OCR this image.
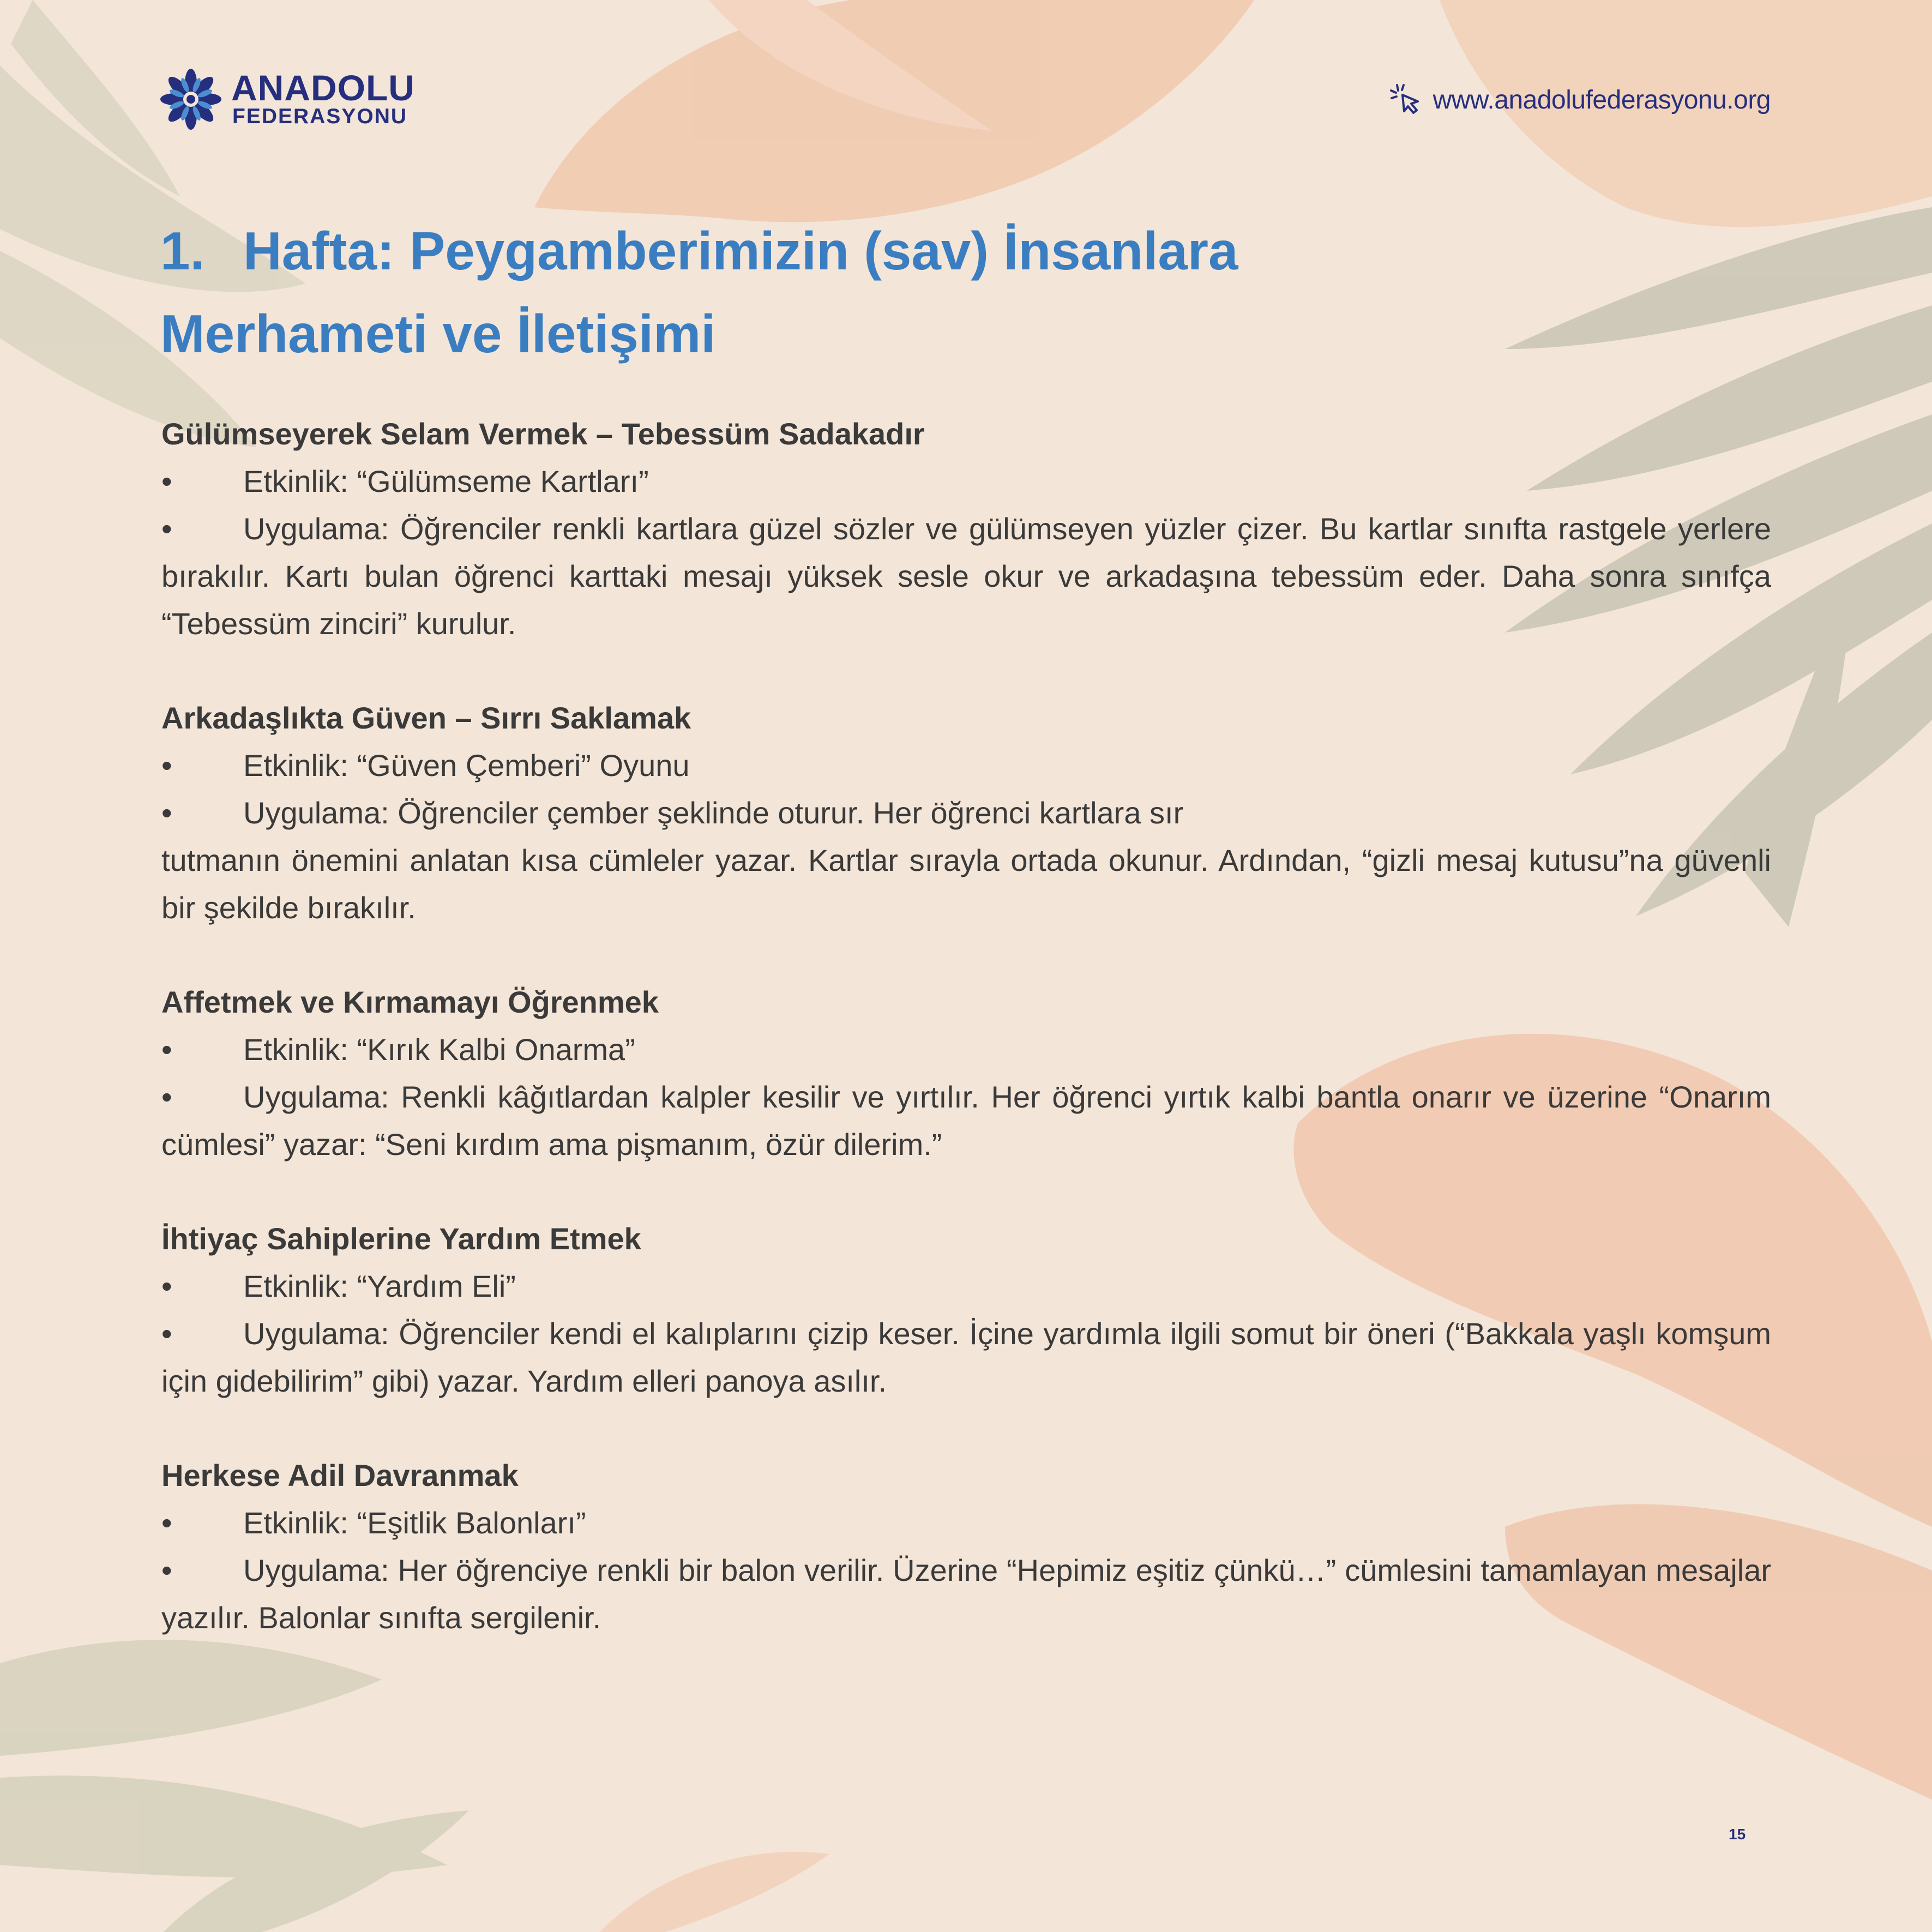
ANADOLU
FEDERASYONU
www.anadolufederasyonu.org
1. Hafta: Peygamberimizin (sav) İnsanlara
Merhameti ve İletişimi
Gülümseyerek Selam Vermek – Tebessüm Sadakadır
• Etkinlik: “Gülümseme Kartları”
• Uygulama: Öğrenciler renkli kartlara güzel sözler ve gülümseyen yüzler çizer. Bu kartlar sınıfta rastgele yerlere bırakılır. Kartı bulan öğrenci karttaki mesajı yüksek sesle okur ve arkadaşına tebessüm eder. Daha sonra sınıfça “Tebessüm zinciri” kurulur.
Arkadaşlıkta Güven – Sırrı Saklamak
• Etkinlik: “Güven Çemberi” Oyunu
• Uygulama: Öğrenciler çember şeklinde oturur. Her öğrenci kartlara sır
tutmanın önemini anlatan kısa cümleler yazar. Kartlar sırayla ortada okunur. Ardından, “gizli mesaj kutusu”na güvenli bir şekilde bırakılır.
Affetmek ve Kırmamayı Öğrenmek
• Etkinlik: “Kırık Kalbi Onarma”
• Uygulama: Renkli kâğıtlardan kalpler kesilir ve yırtılır. Her öğrenci yırtık kalbi bantla onarır ve üzerine “Onarım cümlesi” yazar: “Seni kırdım ama pişmanım, özür dilerim.”
İhtiyaç Sahiplerine Yardım Etmek
• Etkinlik: “Yardım Eli”
• Uygulama: Öğrenciler kendi el kalıplarını çizip keser. İçine yardımla ilgili somut bir öneri (“Bakkala yaşlı komşum için gidebilirim” gibi) yazar. Yardım elleri panoya asılır.
Herkese Adil Davranmak
• Etkinlik: “Eşitlik Balonları”
• Uygulama: Her öğrenciye renkli bir balon verilir. Üzerine “Hepimiz eşitiz çünkü…” cümlesini tamamlayan mesajlar yazılır. Balonlar sınıfta sergilenir.
15
